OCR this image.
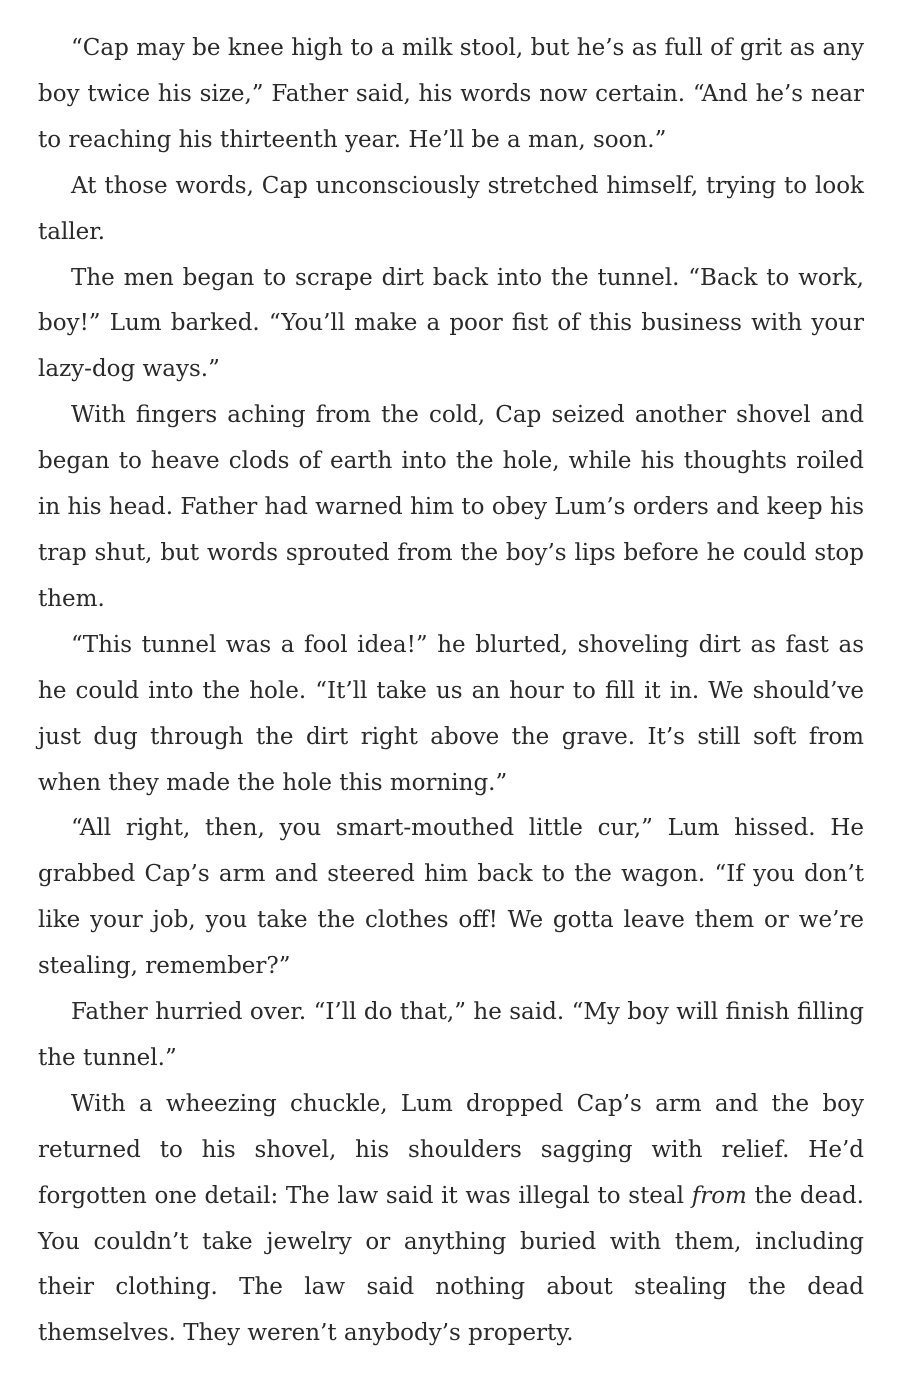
“Cap may be knee high to a milk stool, but he’s as full of grit as any boy twice his size,” Father said, his words now certain. “And he’s near to reaching his thirteenth year. He’ll be a man, soon.”

At those words, Cap unconsciously stretched himself, trying to look taller.

The men began to scrape dirt back into the tunnel. “Back to work, boy!” Lum barked. “You’ll make a poor fist of this business with your lazy-dog ways.”

With fingers aching from the cold, Cap seized another shovel and began to heave clods of earth into the hole, while his thoughts roiled in his head. Father had warned him to obey Lum’s orders and keep his trap shut, but words sprouted from the boy’s lips before he could stop them.

“This tunnel was a fool idea!” he blurted, shoveling dirt as fast as he could into the hole. “It’ll take us an hour to fill it in. We should’ve just dug through the dirt right above the grave. It’s still soft from when they made the hole this morning.”

“All right, then, you smart-mouthed little cur,” Lum hissed. He grabbed Cap’s arm and steered him back to the wagon. “If you don’t like your job, you take the clothes off! We gotta leave them or we’re stealing, remember?”

Father hurried over. “I’ll do that,” he said. “My boy will finish filling the tunnel.”

With a wheezing chuckle, Lum dropped Cap’s arm and the boy returned to his shovel, his shoulders sagging with relief. He’d forgotten one detail: The law said it was illegal to steal from the dead. You couldn’t take jewelry or anything buried with them, including their clothing. The law said nothing about stealing the dead themselves. They weren’t anybody’s property.
